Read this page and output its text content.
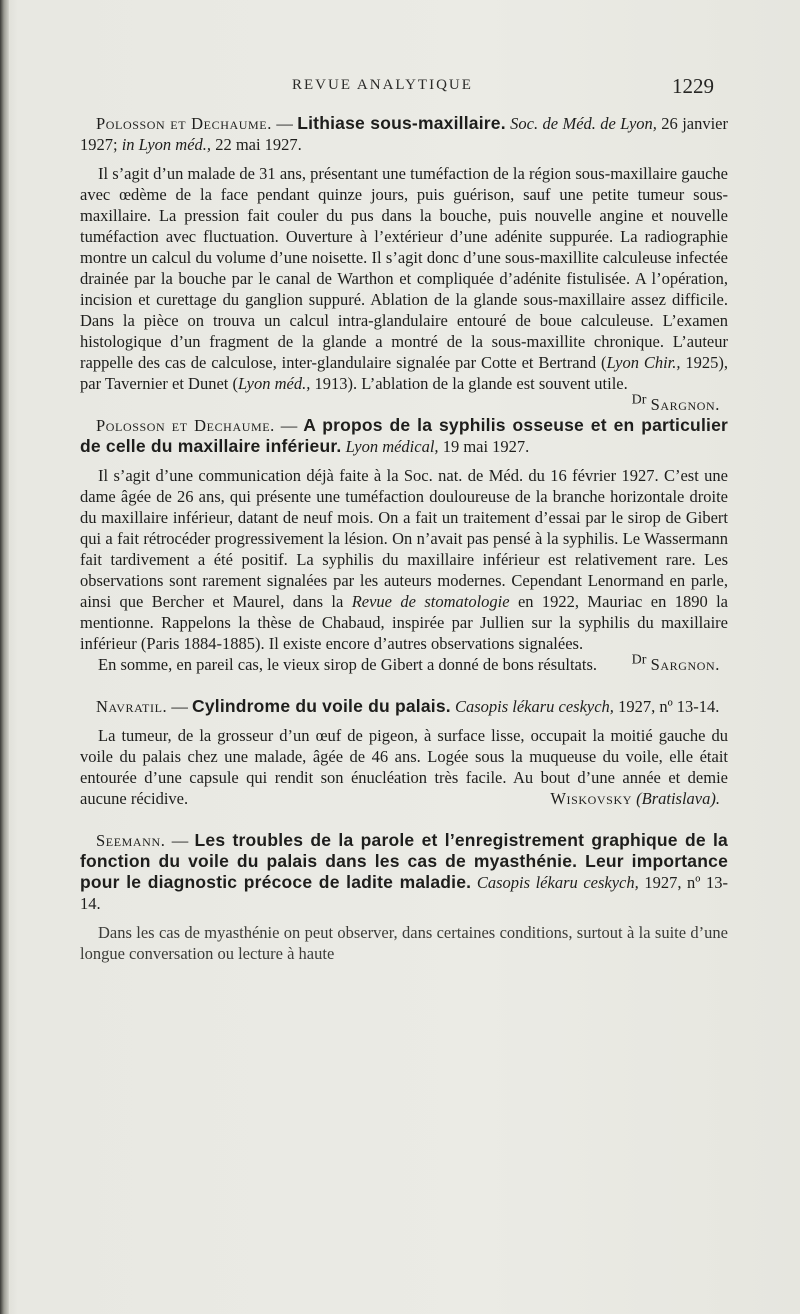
REVUE ANALYTIQUE	1229

Polosson et Dechaume. — Lithiase sous-maxillaire. Soc. de Méd. de Lyon, 26 janvier 1927; in Lyon méd., 22 mai 1927.

Il s’agit d’un malade de 31 ans, présentant une tuméfaction de la région sous-maxillaire gauche avec œdème de la face pendant quinze jours, puis guérison, sauf une petite tumeur sous-maxillaire. La pression fait couler du pus dans la bouche, puis nouvelle angine et nouvelle tuméfaction avec fluctuation. Ouverture à l’extérieur d’une adénite suppurée. La radiographie montre un calcul du volume d’une noisette. Il s’agit donc d’une sous-maxillite calculeuse infectée drainée par la bouche par le canal de Warthon et compliquée d’adénite fistulisée. A l’opération, incision et curettage du ganglion suppuré. Ablation de la glande sous-maxillaire assez difficile. Dans la pièce on trouva un calcul intra-glandulaire entouré de boue calculeuse. L’examen histologique d’un fragment de la glande a montré de la sous-maxillite chronique. L’auteur rappelle des cas de calculose, inter-glandulaire signalée par Cotte et Bertrand (Lyon Chir., 1925), par Tavernier et Dunet (Lyon méd., 1913). L’ablation de la glande est souvent utile.
$^{Dr}$ Sargnon.

Polosson et Dechaume. — A propos de la syphilis osseuse et en particulier de celle du maxillaire inférieur. Lyon médical, 19 mai 1927.

Il s’agit d’une communication déjà faite à la Soc. nat. de Méd. du 16 février 1927. C’est une dame âgée de 26 ans, qui présente une tuméfaction douloureuse de la branche horizontale droite du maxillaire inférieur, datant de neuf mois. On a fait un traitement d’essai par le sirop de Gibert qui a fait rétrocéder progressivement la lésion. On n’avait pas pensé à la syphilis. Le Wassermann fait tardivement a été positif. La syphilis du maxillaire inférieur est relativement rare. Les observations sont rarement signalées par les auteurs modernes. Cependant Lenormand en parle, ainsi que Bercher et Maurel, dans la Revue de stomatologie en 1922, Mauriac en 1890 la mentionne. Rappelons la thèse de Chabaud, inspirée par Jullien sur la syphilis du maxillaire inférieur (Paris 1884-1885). Il existe encore d’autres observations signalées.

En somme, en pareil cas, le vieux sirop de Gibert a donné de bons résultats.	$^{Dr}$ Sargnon.

Navratil. — Cylindrome du voile du palais. Casopis lékaru ceskych, 1927, nº 13-14.

La tumeur, de la grosseur d’un œuf de pigeon, à surface lisse, occupait la moitié gauche du voile du palais chez une malade, âgée de 46 ans. Logée sous la muqueuse du voile, elle était entourée d’une capsule qui rendit son énucléation très facile. Au bout d’une année et demie aucune récidive.	Wiskovsky (Bratislava).

Seemann. — Les troubles de la parole et l’enregistrement graphique de la fonction du voile du palais dans les cas de myasthénie. Leur importance pour le diagnostic précoce de ladite maladie. Casopis lékaru ceskych, 1927, nº 13-14.

Dans les cas de myasthénie on peut observer, dans certaines conditions, surtout à la suite d’une longue conversation ou lecture à haute
